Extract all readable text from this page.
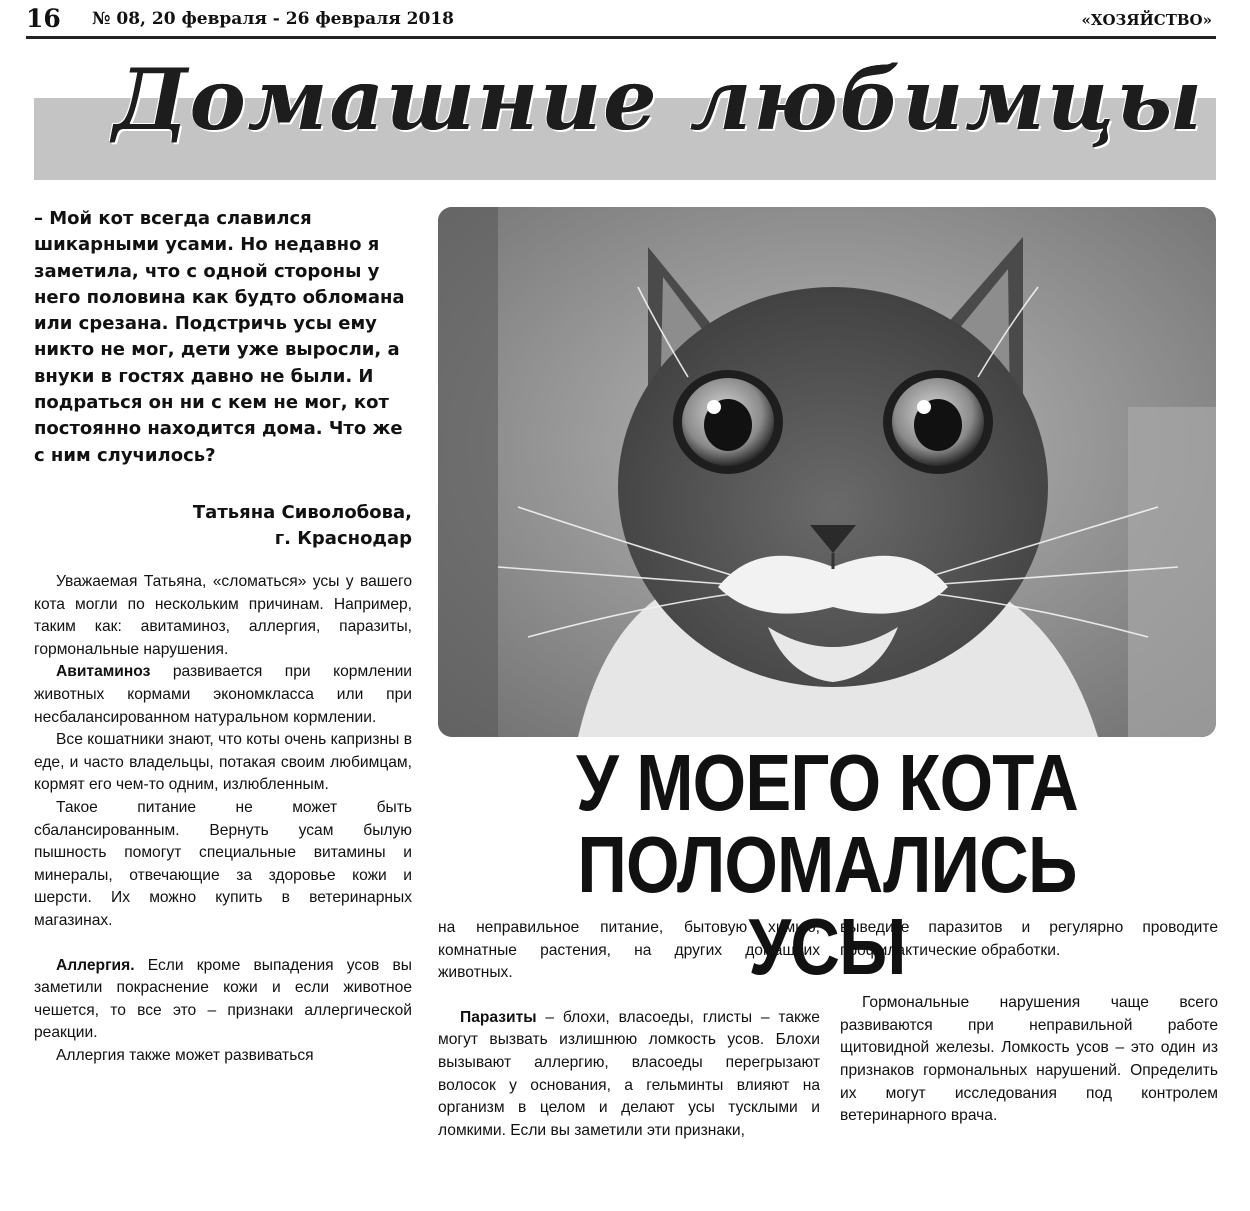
16 № 08, 20 февраля - 26 февраля 2018	«ХОЗЯЙСТВО»
Домашние любимцы
– Мой кот всегда славился шикарными усами. Но недавно я заметила, что с одной стороны у него половина как будто обломана или срезана. Подстричь усы ему никто не мог, дети уже выросли, а внуки в гостях давно не были. И подраться он ни с кем не мог, кот постоянно находится дома. Что же с ним случилось?
Татьяна Сиволобова,
г. Краснодар

Уважаемая Татьяна, «сломаться» усы у вашего кота могли по нескольким причинам. Например, таким как: авитаминоз, аллергия, паразиты, гормональные нарушения.

Авитаминоз развивается при кормлении животных кормами экономкласса или при несбалансированном натуральном кормлении.

Все кошатники знают, что коты очень капризны в еде, и часто владельцы, потакая своим любимцам, кормят его чем-то одним, излюбленным.

Такое питание не может быть сбалансированным. Вернуть усам былую пышность помогут специальные витамины и минералы, отвечающие за здоровье кожи и шерсти. Их можно купить в ветеринарных магазинах.

Аллергия. Если кроме выпадения усов вы заметили покраснение кожи и если животное чешется, то все это – признаки аллергической реакции.

Аллергия также может развиваться

У МОЕГО КОТА
ПОЛОМАЛИСЬ УСЫ

на неправильное питание, бытовую химию, комнатные растения, на других домашних животных.

Паразиты – блохи, власоеды, глисты – также могут вызвать излишнюю ломкость усов. Блохи вызывают аллергию, власоеды перегрызают волосок у основания, а гельминты влияют на организм в целом и делают усы тусклыми и ломкими. Если вы заметили эти признаки,

выведите паразитов и регулярно проводите профилактические обработки.

Гормональные нарушения чаще всего развиваются при неправильной работе щитовидной железы. Ломкость усов – это один из признаков гормональных нарушений. Определить их могут исследования под контролем ветеринарного врача.
